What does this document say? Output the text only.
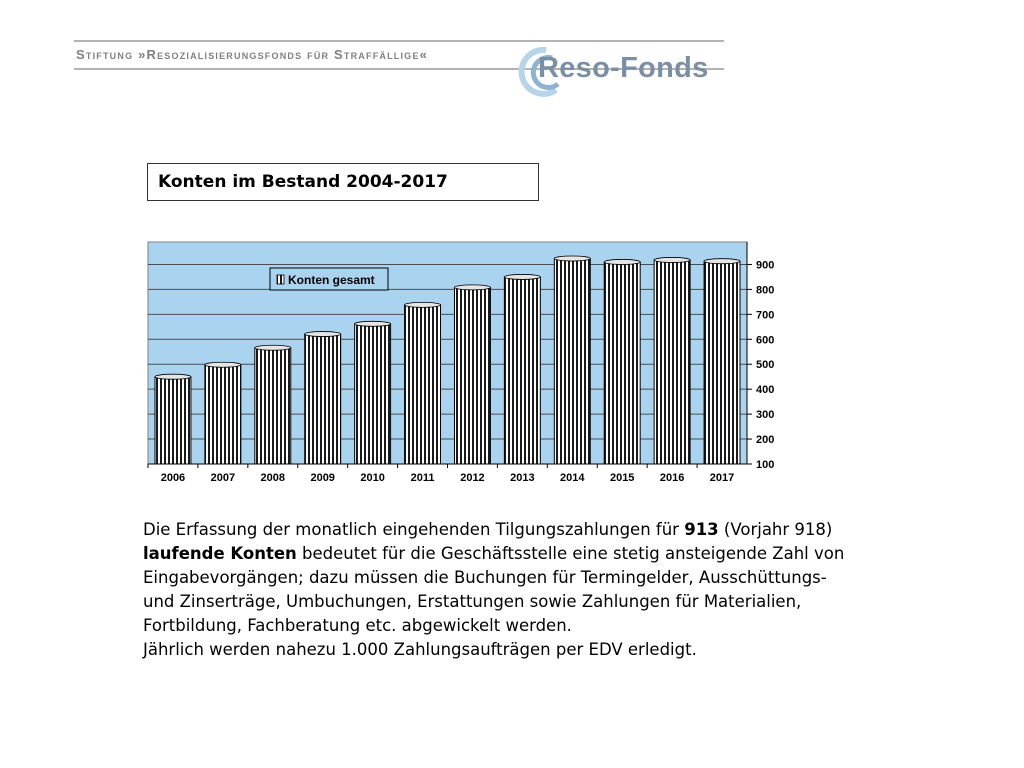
Stiftung »Resozialisierungsfonds für Straffällige«	Reso-Fonds
Konten im Bestand 2004-2017
100
200
300
400
500
600
700
800
900
2006 2007 2008 2009 2010 2011 2012 2013 2014 2015 2016 2017
Konten gesamt

Die Erfassung der monatlich eingehenden Tilgungszahlungen für 913 (Vorjahr 918)

laufende Konten bedeutet für die Geschäftsstelle eine stetig ansteigende Zahl von

Eingabevorgängen; dazu müssen die Buchungen für Termingelder, Ausschüttungs-

und Zinserträge, Umbuchungen, Erstattungen sowie Zahlungen für Materialien,

Fortbildung, Fachberatung etc. abgewickelt werden.

Jährlich werden nahezu 1.000 Zahlungsaufträgen per EDV erledigt.
